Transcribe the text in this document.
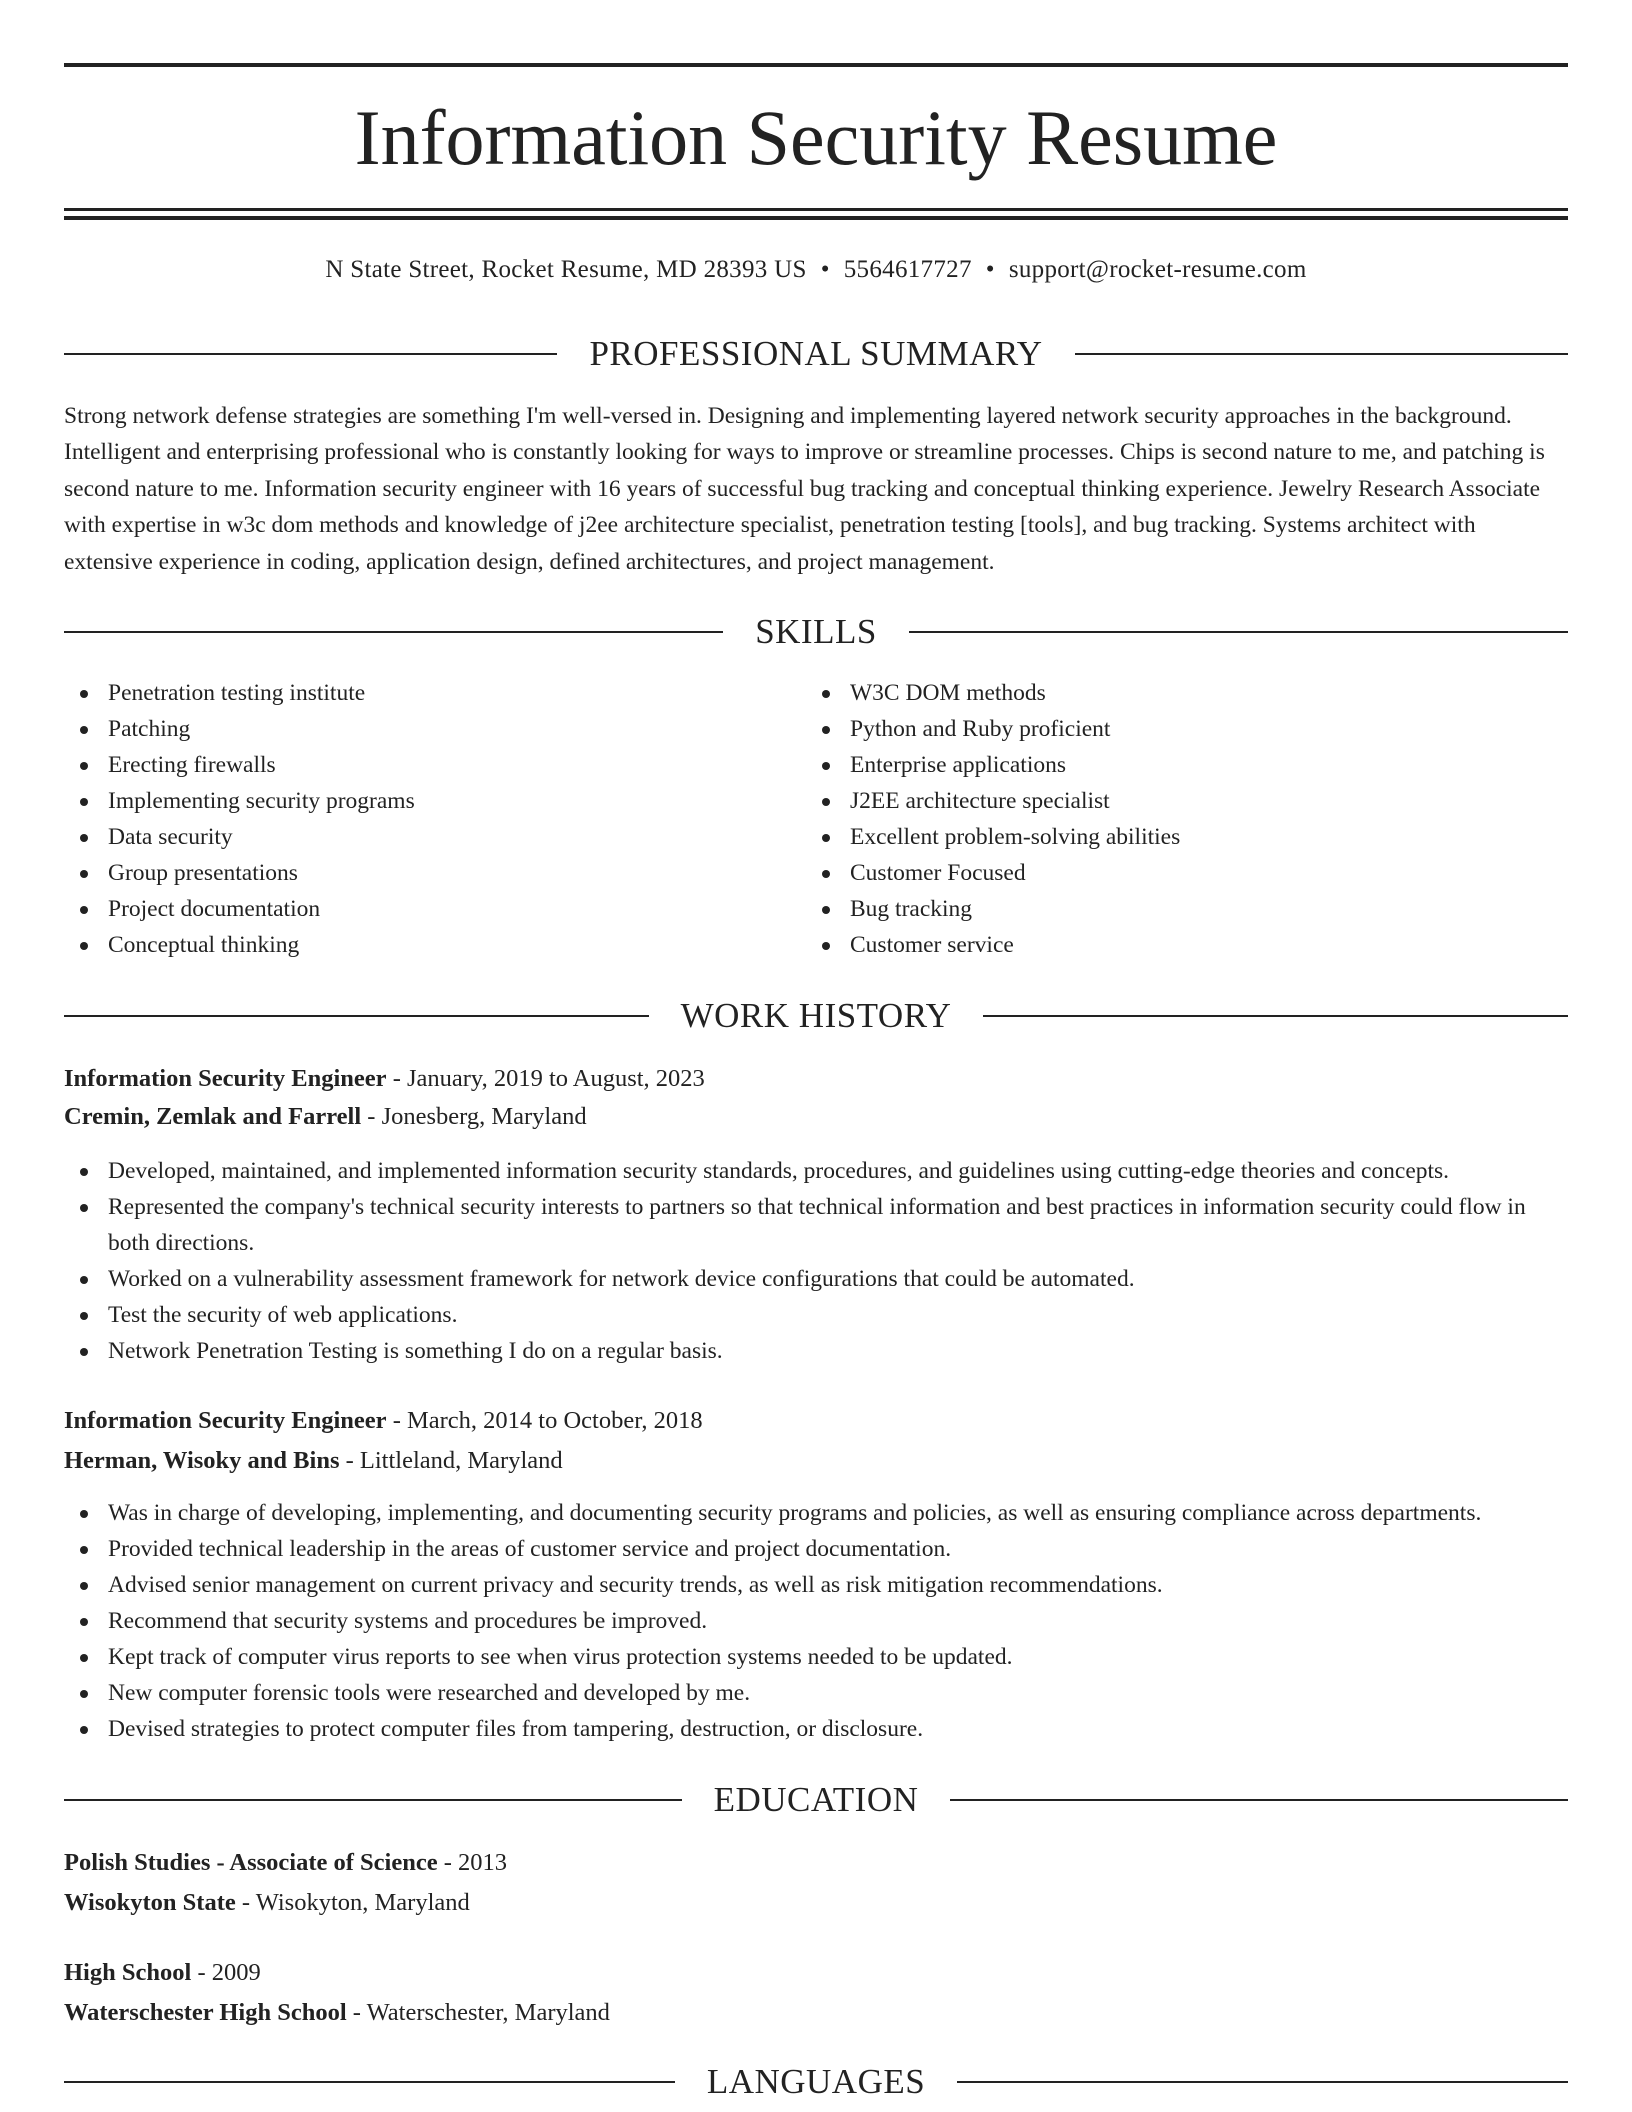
Information Security Resume
N State Street, Rocket Resume, MD 28393 US • 5564617727 • support@rocket-resume.com
PROFESSIONAL SUMMARY

Strong network defense strategies are something I'm well-versed in. Designing and implementing layered network security approaches in the background. Intelligent and enterprising professional who is constantly looking for ways to improve or streamline processes. Chips is second nature to me, and patching is second nature to me. Information security engineer with 16 years of successful bug tracking and conceptual thinking experience. Jewelry Research Associate with expertise in w3c dom methods and knowledge of j2ee architecture specialist, penetration testing [tools], and bug tracking. Systems architect with extensive experience in coding, application design, defined architectures, and project management.

SKILLS
Penetration testing institute
Patching
Erecting firewalls
Implementing security programs
Data security
Group presentations
Project documentation
Conceptual thinking
W3C DOM methods
Python and Ruby proficient
Enterprise applications
J2EE architecture specialist
Excellent problem-solving abilities
Customer Focused
Bug tracking
Customer service
WORK HISTORY
Information Security Engineer - January, 2019 to August, 2023
Cremin, Zemlak and Farrell - Jonesberg, Maryland
Developed, maintained, and implemented information security standards, procedures, and guidelines using cutting-edge theories and concepts.
Represented the company's technical security interests to partners so that technical information and best practices in information security could flow in both directions.
Worked on a vulnerability assessment framework for network device configurations that could be automated.
Test the security of web applications.
Network Penetration Testing is something I do on a regular basis.
Information Security Engineer - March, 2014 to October, 2018
Herman, Wisoky and Bins - Littleland, Maryland
Was in charge of developing, implementing, and documenting security programs and policies, as well as ensuring compliance across departments.
Provided technical leadership in the areas of customer service and project documentation.
Advised senior management on current privacy and security trends, as well as risk mitigation recommendations.
Recommend that security systems and procedures be improved.
Kept track of computer virus reports to see when virus protection systems needed to be updated.
New computer forensic tools were researched and developed by me.
Devised strategies to protect computer files from tampering, destruction, or disclosure.
EDUCATION
Polish Studies - Associate of Science - 2013
Wisokyton State - Wisokyton, Maryland
High School - 2009
Waterschester High School - Waterschester, Maryland
LANGUAGES
